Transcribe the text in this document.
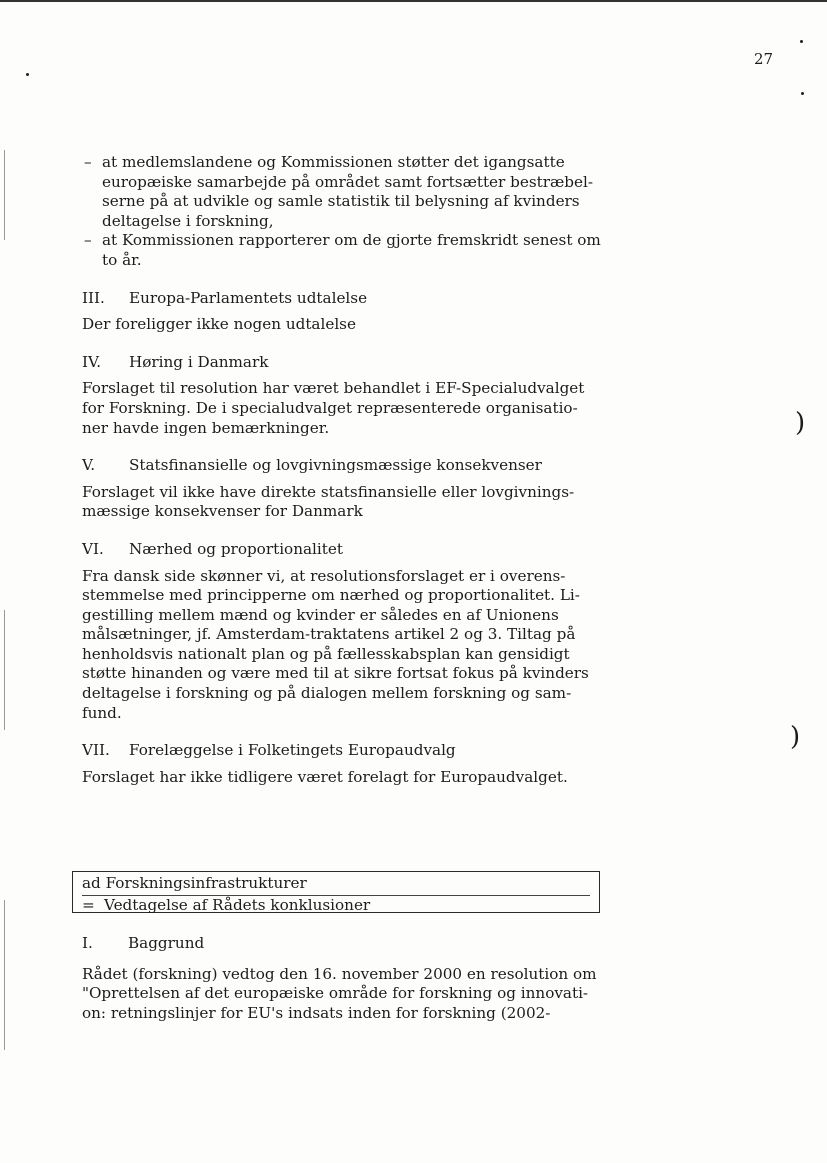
27
)
)
– at medlemslandene og Kommissionen støtter det igangsatte europæiske samarbejde på området samt fortsætter bestræbel-serne på at udvikle og samle statistik til belysning af kvinders deltagelse i forskning,
– at Kommissionen rapporterer om de gjorte fremskridt senest om to år.
III.	Europa-Parlamentets udtalelse

Der foreligger ikke nogen udtalelse

IV.	Høring i Danmark

Forslaget til resolution har været behandlet i EF-Specialudvalget for Forskning. De i specialudvalget repræsenterede organisatio-ner havde ingen bemærkninger.

V.	Statsfinansielle og lovgivningsmæssige konsekvenser

Forslaget vil ikke have direkte statsfinansielle eller lovgivnings-mæssige konsekvenser for Danmark

VI.	Nærhed og proportionalitet

Fra dansk side skønner vi, at resolutionsforslaget er i overens-stemmelse med principperne om nærhed og proportionalitet. Li-gestilling mellem mænd og kvinder er således en af Unionens målsætninger, jf. Amsterdam-traktatens artikel 2 og 3. Tiltag på henholdsvis nationalt plan og på fællesskabsplan kan gensidigt støtte hinanden og være med til at sikre fortsat fokus på kvinders deltagelse i forskning og på dialogen mellem forskning og sam-fund.

VII.	Forelæggelse i Folketingets Europaudvalg

Forslaget har ikke tidligere været forelagt for Europaudvalget.

ad Forskningsinfrastrukturer
= Vedtagelse af Rådets konklusioner
I.	Baggrund

Rådet (forskning) vedtog den 16. november 2000 en resolution om "Oprettelsen af det europæiske område for forskning og innovati-on: retningslinjer for EU's indsats inden for forskning (2002-
